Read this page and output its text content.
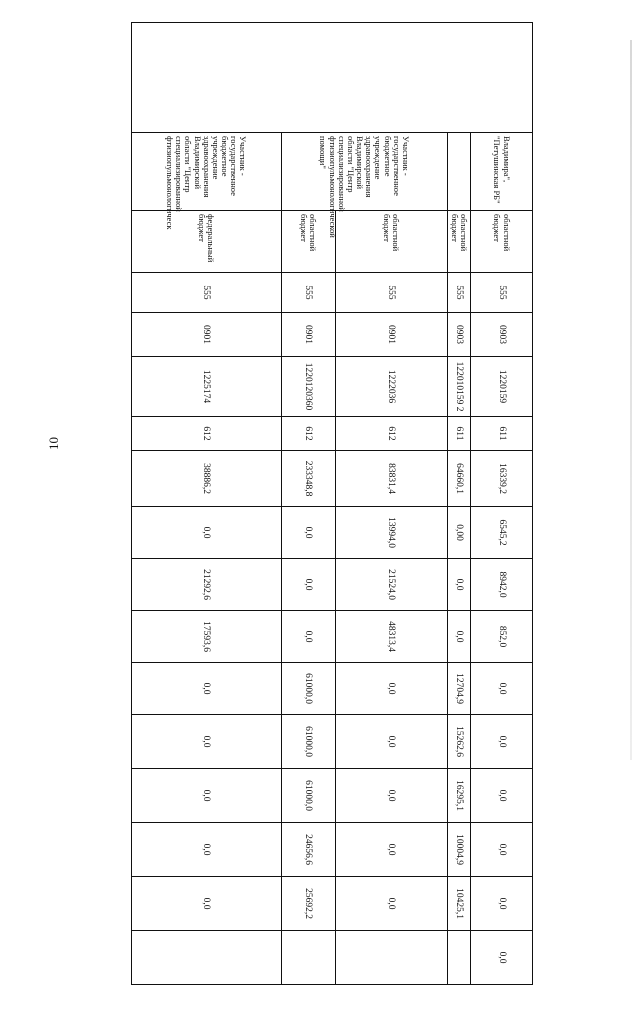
10
	Владимира", "Петушинская РБ"	областной бюджет	555	0903	1220159	611	16339,2	6545,2	8942,0	852,0	0,0	0,0	0,0	0,0	0,0	0,0
		областной бюджет	555	0903	122010159 2	611	64660,1	0,00	0,0	0,0	12704,9	15262,6	16295,1	10004,9	10425,1	
	Участник - государственное бюджетное учреждение здравоохранения Владимирской области "Центр специализированной фтизиопульмонологической помощи"	областной бюджет	555	0901	1222036	612	83831,4	13994,0	21524,0	48313,4	0,0	0,0	0,0	0,0	0,0	
		областной бюджет	555	0901	1220120360	612	233348,8	0,0	0,0	0,0	61000,0	61000,0	61000,0	24656,6	25692,2	
	Участник - государственное бюджетное учреждение здравоохранения Владимирской области "Центр специализированной фтизиопульмонологическ	федеральный бюджет	555	0901	1225174	612	38886,2	0,0	21292,6	17593,6	0,0	0,0	0,0	0,0	0,0	
